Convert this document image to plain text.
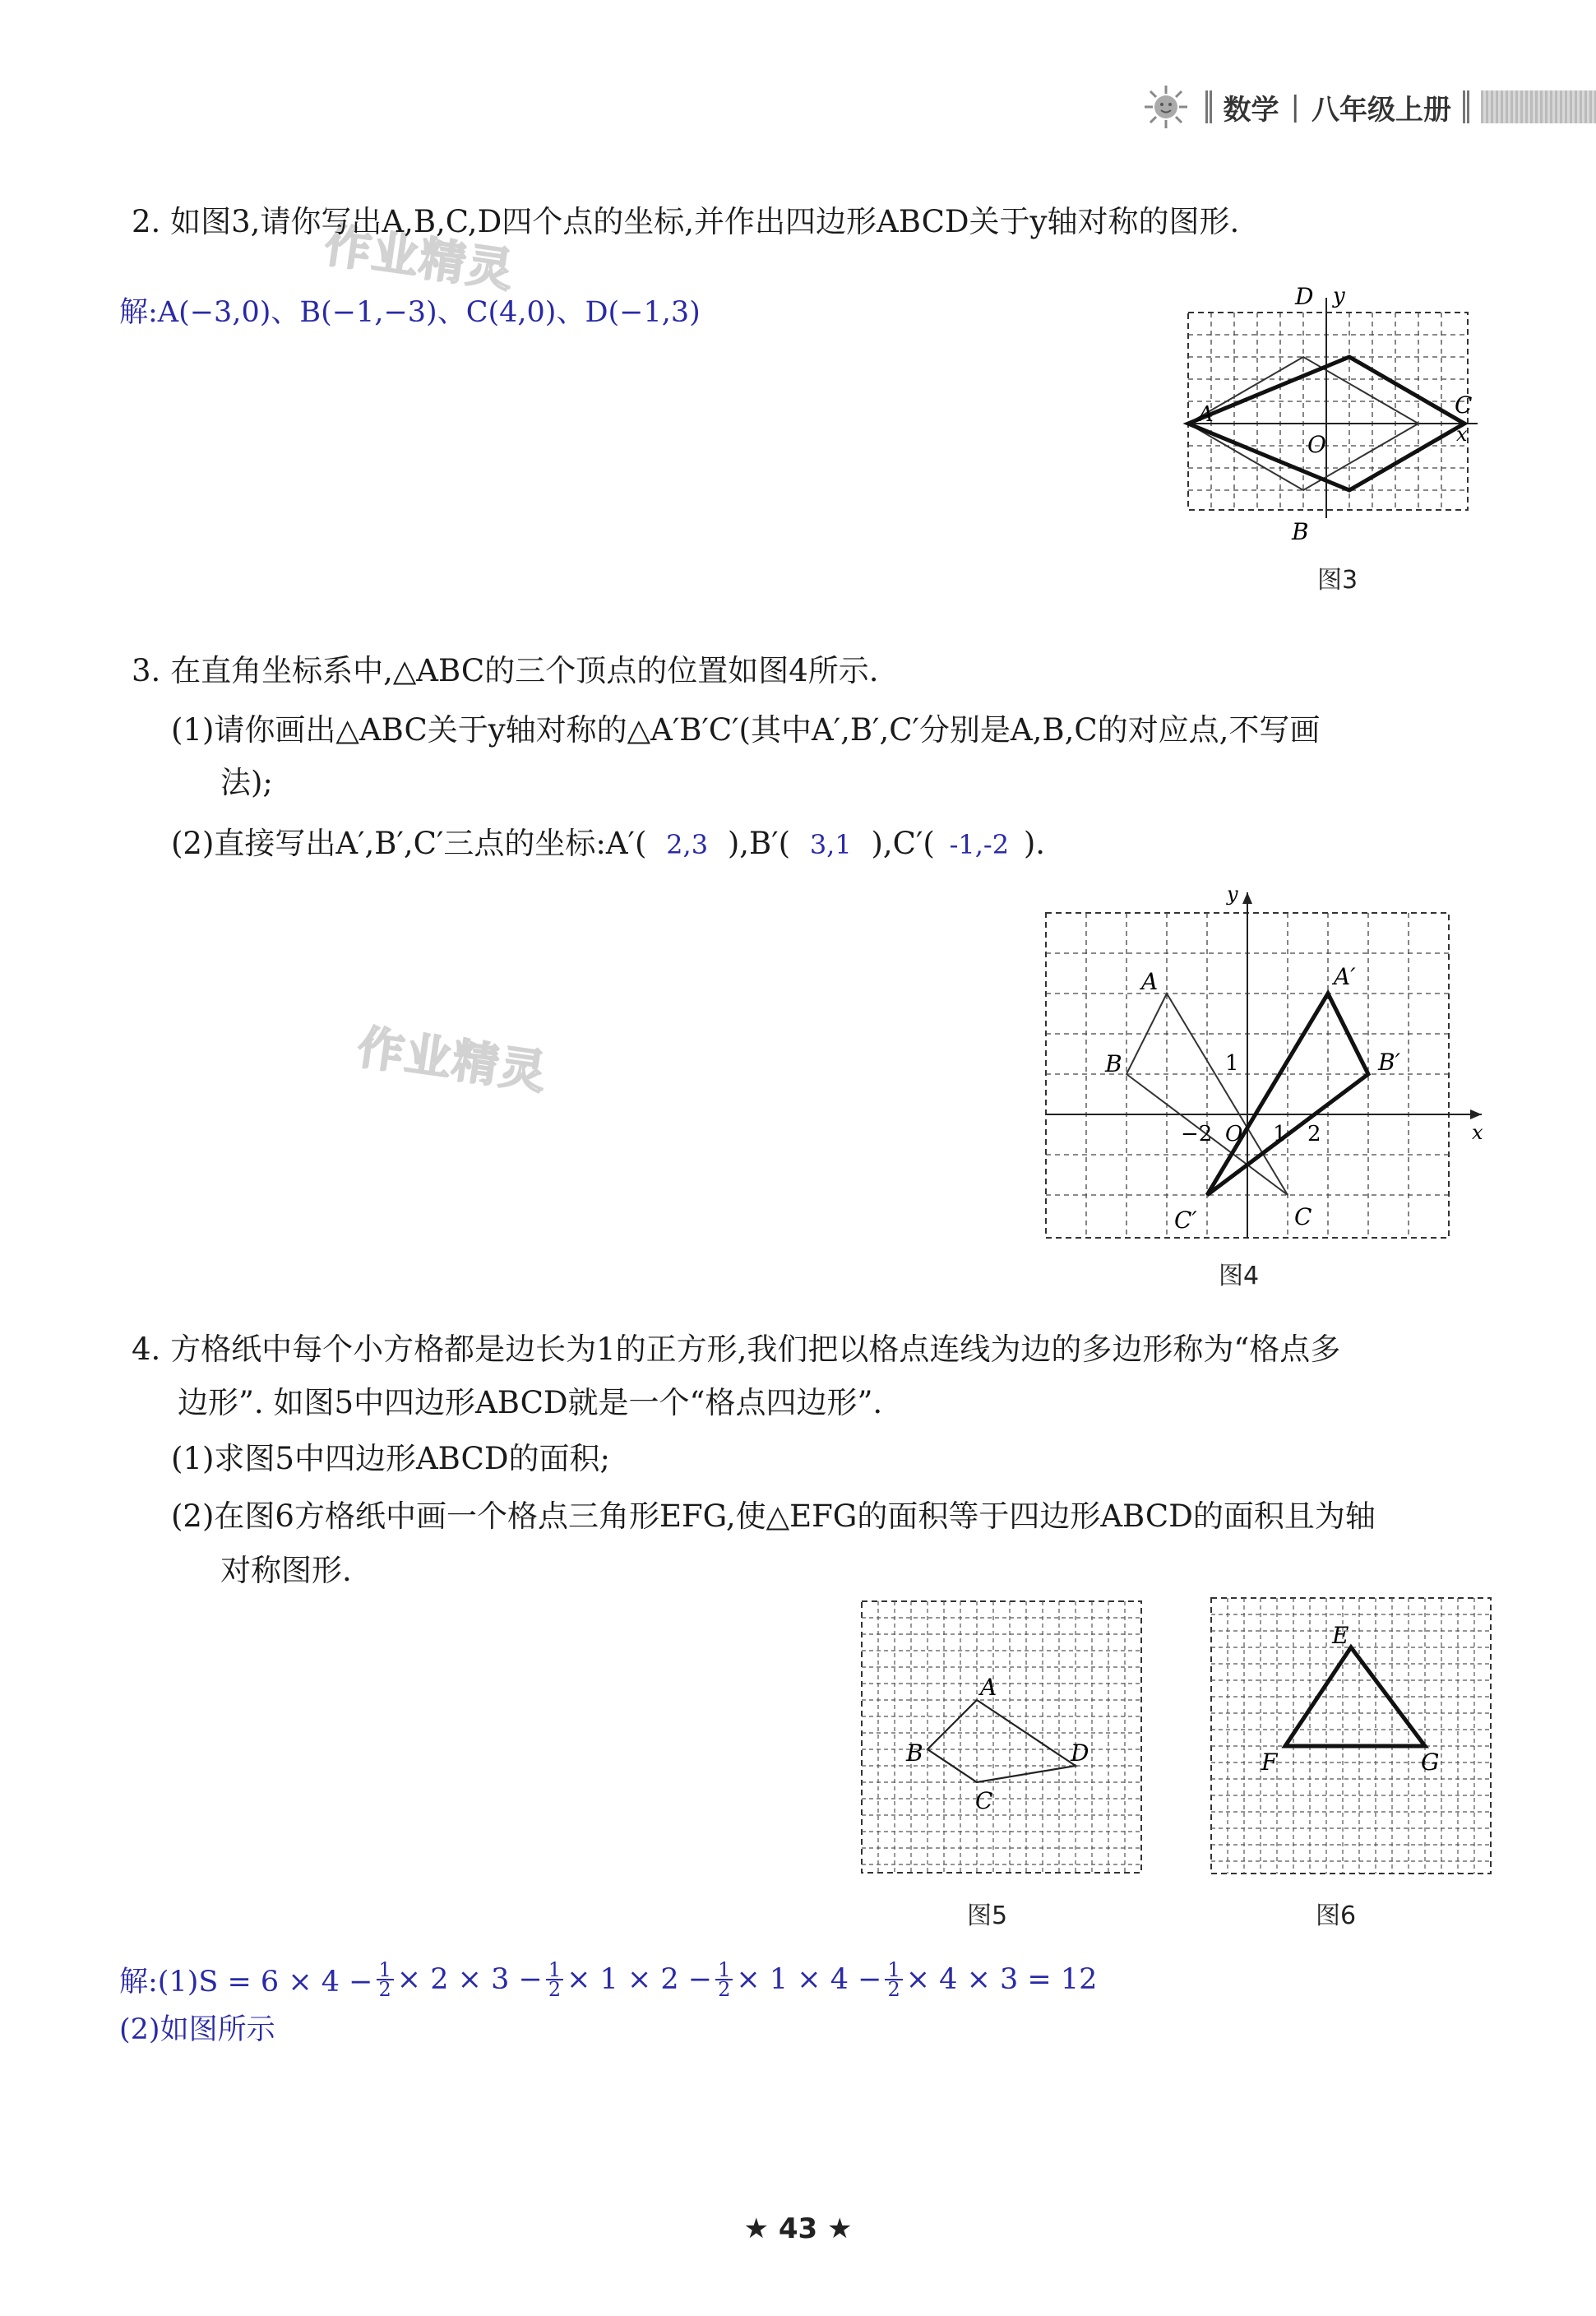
数学 | 八年级上册
作业精灵
作业精灵
2. 如图3,请你写出A,B,C,D四个点的坐标,并作出四边形ABCD关于y轴对称的图形.
解:A(−3,0)、B(−1,−3)、C(4,0)、D(−1,3)	D y
A	C
O	x
B
图3
3. 在直角坐标系中,△ABC的三个顶点的位置如图4所示.
(1)请你画出△ABC关于y轴对称的△A′B′C′(其中A′,B′,C′分别是A,B,C的对应点,不写画
法);
(2)直接写出A′,B′,C′三点的坐标:A′( 2,3 ),B′( 3,1 ),C′( -1,-2 ).
y
A	A′
B	B′
1
−2 O 1 2	x
C′	C
图4
4. 方格纸中每个小方格都是边长为1的正方形,我们把以格点连线为边的多边形称为“格点多
边形”. 如图5中四边形ABCD就是一个“格点四边形”.
(1)求图5中四边形ABCD的面积;
(2)在图6方格纸中画一个格点三角形EFG,使△EFG的面积等于四边形ABCD的面积且为轴
对称图形.
A
B
C
D
图5
E
F	G
图6
解:(1)S = $6 \times 4 - \frac{1}{2} \times 2 \times 3 - \frac{1}{2} \times 1 \times 2 - \frac{1}{2} \times 1 \times 4 - \frac{1}{2} \times 4 \times 3 = 12$
(2)如图所示
★ 43 ★
